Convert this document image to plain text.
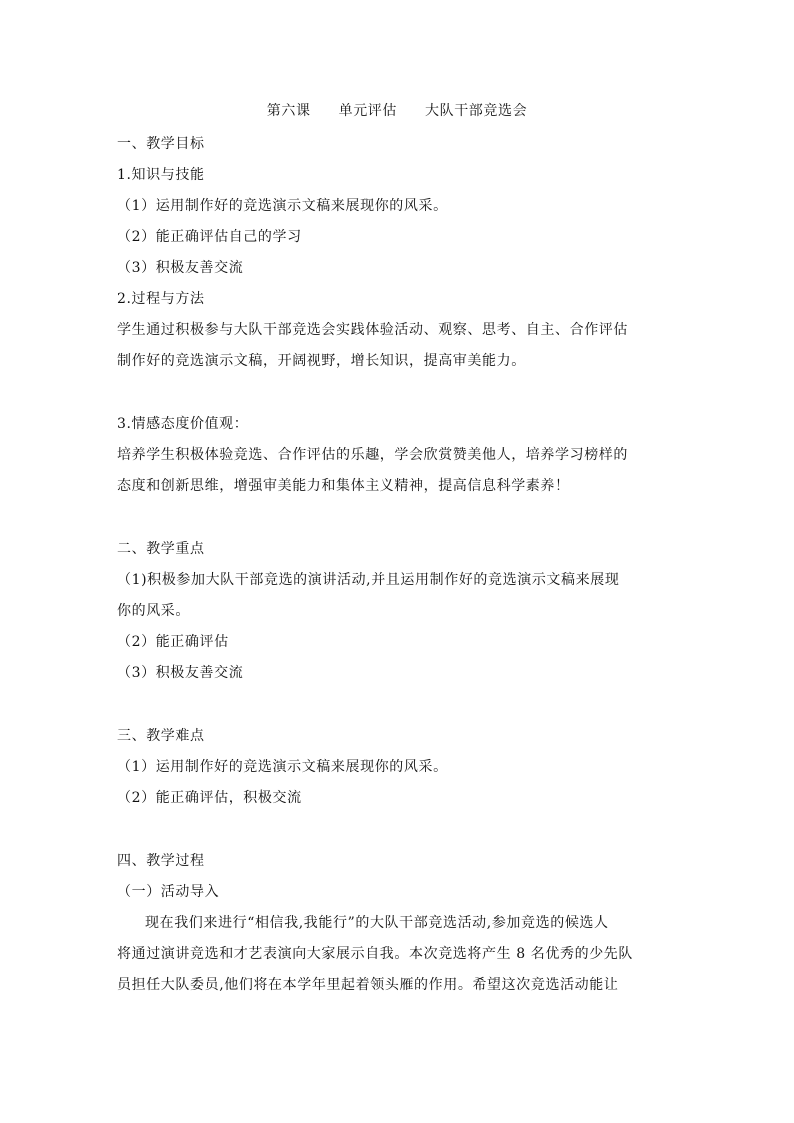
第六课 单元评估 大队干部竞选会
一、教学目标
1.知识与技能
（1）运用制作好的竞选演示文稿来展现你的风采。
（2）能正确评估自己的学习
（3）积极友善交流
2.过程与方法
学生通过积极参与大队干部竞选会实践体验活动、观察、思考、自主、合作评估
制作好的竞选演示文稿，开阔视野，增长知识，提高审美能力。
3.情感态度价值观：
培养学生积极体验竞选、合作评估的乐趣，学会欣赏赞美他人，培养学习榜样的
态度和创新思维，增强审美能力和集体主义精神，提高信息科学素养！
二、教学重点
（1)积极参加大队干部竞选的演讲活动,并且运用制作好的竞选演示文稿来展现
你的风采。
（2）能正确评估
（3）积极友善交流
三、教学难点
（1）运用制作好的竞选演示文稿来展现你的风采。
（2）能正确评估，积极交流
四、教学过程
（一）活动导入
现在我们来进行“相信我,我能行”的大队干部竞选活动,参加竞选的候选人
将通过演讲竞选和才艺表演向大家展示自我。本次竞选将产生 8 名优秀的少先队
员担任大队委员,他们将在本学年里起着领头雁的作用。希望这次竞选活动能让
